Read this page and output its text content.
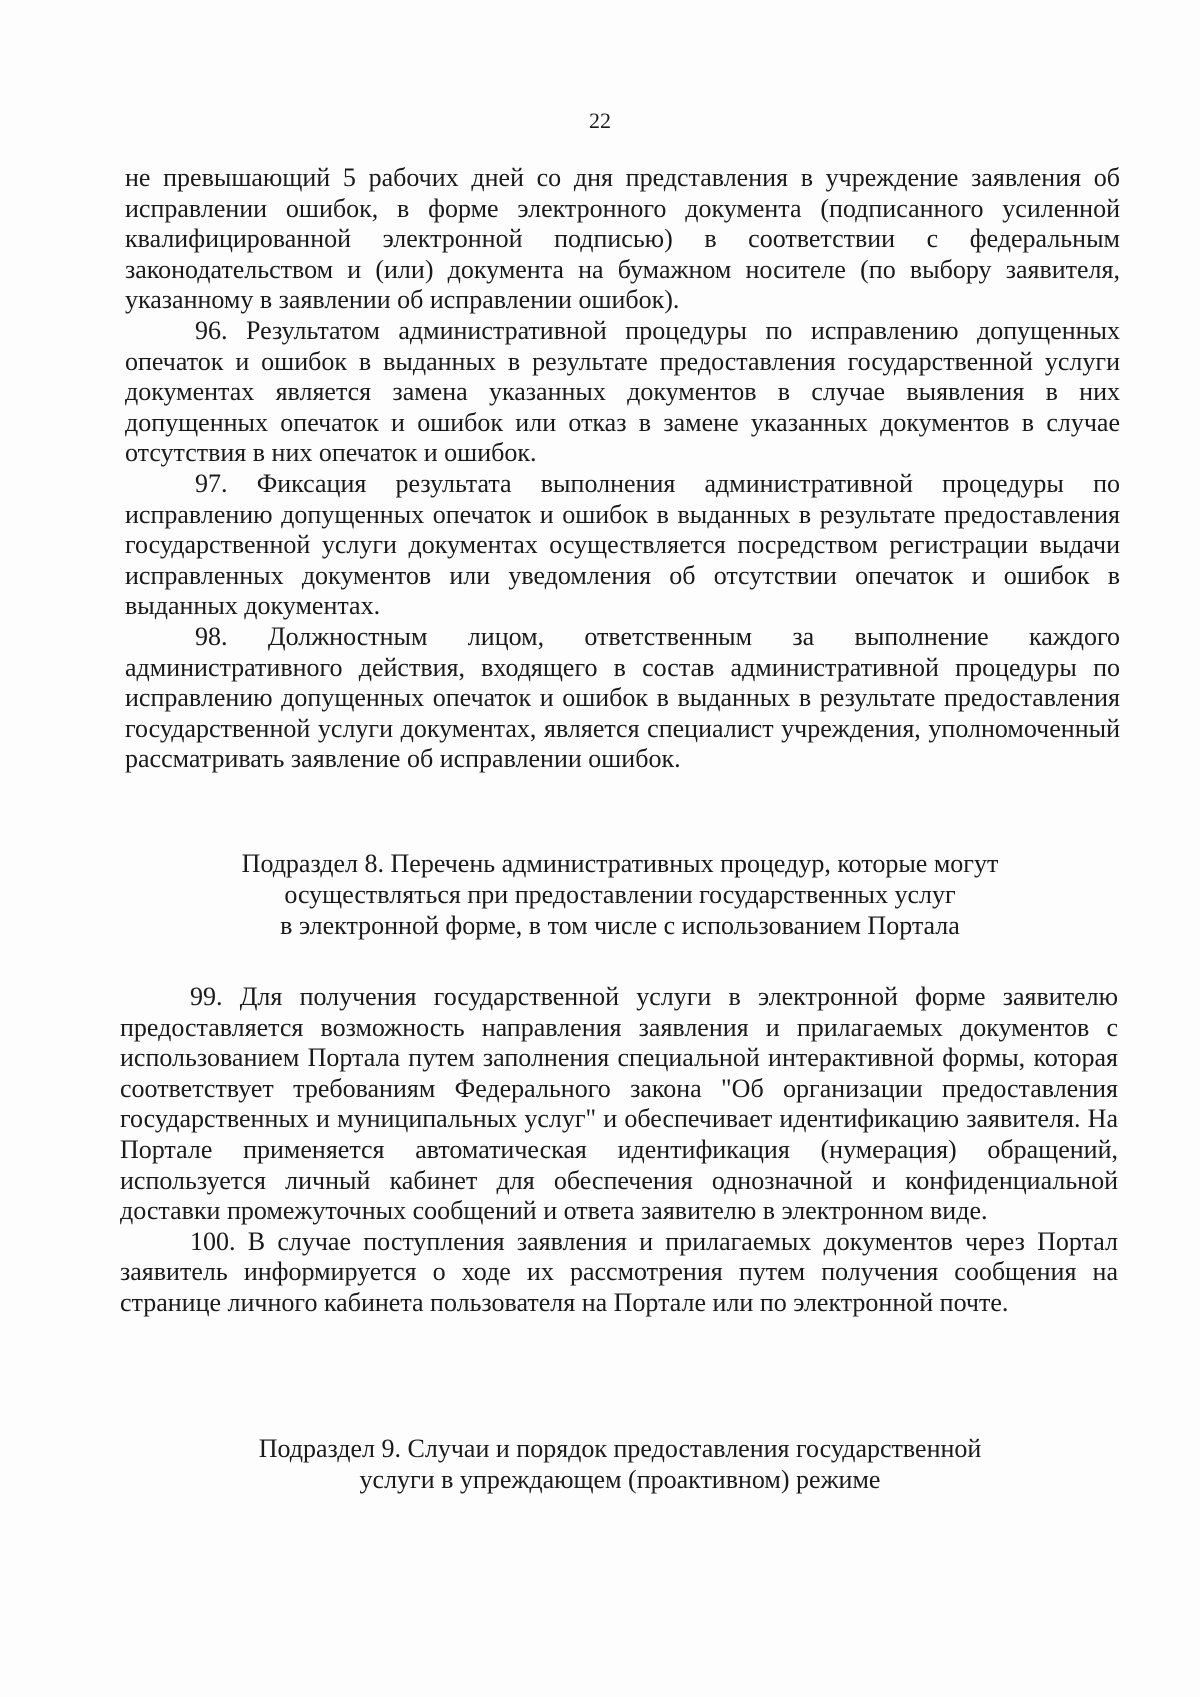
22

не превышающий 5 рабочих дней со дня представления в учреждение заявления об исправлении ошибок, в форме электронного документа (подписанного усиленной квалифицированной электронной подписью) в соответствии с федеральным законодательством и (или) документа на бумажном носителе (по выбору заявителя, указанному в заявлении об исправлении ошибок).

96. Результатом административной процедуры по исправлению допущенных опечаток и ошибок в выданных в результате предоставления государственной услуги документах является замена указанных документов в случае выявления в них допущенных опечаток и ошибок или отказ в замене указанных документов в случае отсутствия в них опечаток и ошибок.

97. Фиксация результата выполнения административной процедуры по исправлению допущенных опечаток и ошибок в выданных в результате предоставления государственной услуги документах осуществляется посредством регистрации выдачи исправленных документов или уведомления об отсутствии опечаток и ошибок в выданных документах.

98. Должностным лицом, ответственным за выполнение каждого административного действия, входящего в состав административной процедуры по исправлению допущенных опечаток и ошибок в выданных в результате предоставления государственной услуги документах, является специалист учреждения, уполномоченный рассматривать заявление об исправлении ошибок.

Подраздел 8. Перечень административных процедур, которые могут
осуществляться при предоставлении государственных услуг
в электронной форме, в том числе с использованием Портала

99. Для получения государственной услуги в электронной форме заявителю предоставляется возможность направления заявления и прилагаемых документов с использованием Портала путем заполнения специальной интерактивной формы, которая соответствует требованиям Федерального закона "Об организации предоставления государственных и муниципальных услуг" и обеспечивает идентификацию заявителя. На Портале применяется автоматическая идентификация (нумерация) обращений, используется личный кабинет для обеспечения однозначной и конфиденциальной доставки промежуточных сообщений и ответа заявителю в электронном виде.

100. В случае поступления заявления и прилагаемых документов через Портал заявитель информируется о ходе их рассмотрения путем получения сообщения на странице личного кабинета пользователя на Портале или по электронной почте.

Подраздел 9. Случаи и порядок предоставления государственной
услуги в упреждающем (проактивном) режиме
